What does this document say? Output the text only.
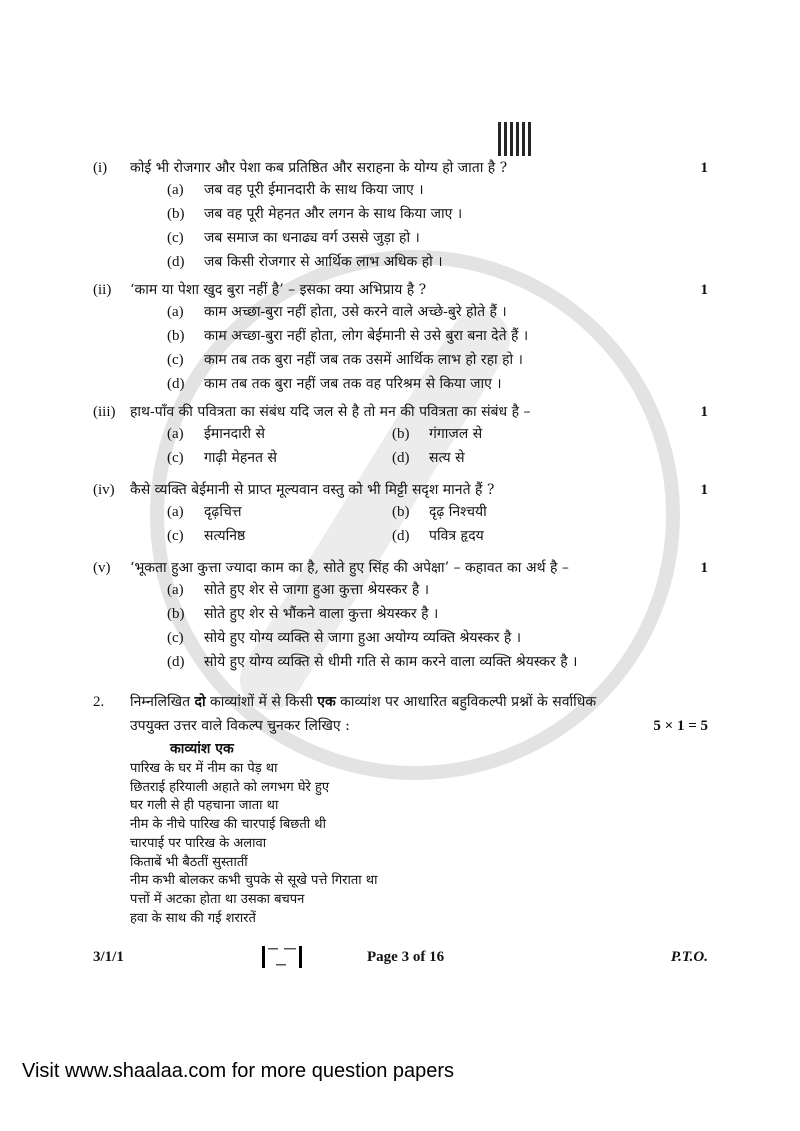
(i)	कोई भी रोजगार और पेशा कब प्रतिष्ठित और सराहना के योग्य हो जाता है ?	1
(a)	जब वह पूरी ईमानदारी के साथ किया जाए ।
(b)	जब वह पूरी मेहनत और लगन के साथ किया जाए ।
(c)	जब समाज का धनाढ्य वर्ग उससे जुड़ा हो ।
(d)	जब किसी रोजगार से आर्थिक लाभ अधिक हो ।
(ii)	‘काम या पेशा खुद बुरा नहीं है’ – इसका क्या अभिप्राय है ?	1
(a)	काम अच्छा-बुरा नहीं होता, उसे करने वाले अच्छे-बुरे होते हैं ।
(b)	काम अच्छा-बुरा नहीं होता, लोग बेईमानी से उसे बुरा बना देते हैं ।
(c)	काम तब तक बुरा नहीं जब तक उसमें आर्थिक लाभ हो रहा हो ।
(d)	काम तब तक बुरा नहीं जब तक वह परिश्रम से किया जाए ।
(iii)	हाथ-पाँव की पवित्रता का संबंध यदि जल से है तो मन की पवित्रता का संबंध है –	1
(a)	ईमानदारी से	(b)	गंगाजल से
(c)	गाढ़ी मेहनत से	(d)	सत्य से
(iv)	कैसे व्यक्ति बेईमानी से प्राप्त मूल्यवान वस्तु को भी मिट्टी सदृश मानते हैं ?	1
(a)	दृढ़चित्त	(b)	दृढ़ निश्चयी
(c)	सत्यनिष्ठ	(d)	पवित्र हृदय
(v)	‘भूकता हुआ कुत्ता ज्यादा काम का है, सोते हुए सिंह की अपेक्षा’ – कहावत का अर्थ है –	1
(a)	सोते हुए शेर से जागा हुआ कुत्ता श्रेयस्कर है ।
(b)	सोते हुए शेर से भौंकने वाला कुत्ता श्रेयस्कर है ।
(c)	सोये हुए योग्य व्यक्ति से जागा हुआ अयोग्य व्यक्ति श्रेयस्कर है ।
(d)	सोये हुए योग्य व्यक्ति से धीमी गति से काम करने वाला व्यक्ति श्रेयस्कर है ।
2.	निम्नलिखित दो काव्यांशों में से किसी एक काव्यांश पर आधारित बहुविकल्पी प्रश्नों के सर्वाधिक
उपयुक्त उत्तर वाले विकल्प चुनकर लिखिए :	5 × 1 = 5
काव्यांश एक
पारिख के घर में नीम का पेड़ था
छितराई हरियाली अहाते को लगभग घेरे हुए
घर गली से ही पहचाना जाता था
नीम के नीचे पारिख की चारपाई बिछती थी
चारपाई पर पारिख के अलावा
किताबें भी बैठतीं सुस्तातीं
नीम कभी बोलकर कभी चुपके से सूखे पत्ते गिराता था
पत्तों में अटका होता था उसका बचपन
हवा के साथ की गई शरारतें
3/1/1	Page 3 of 16	P.T.O.
Visit www.shaalaa.com for more question papers
